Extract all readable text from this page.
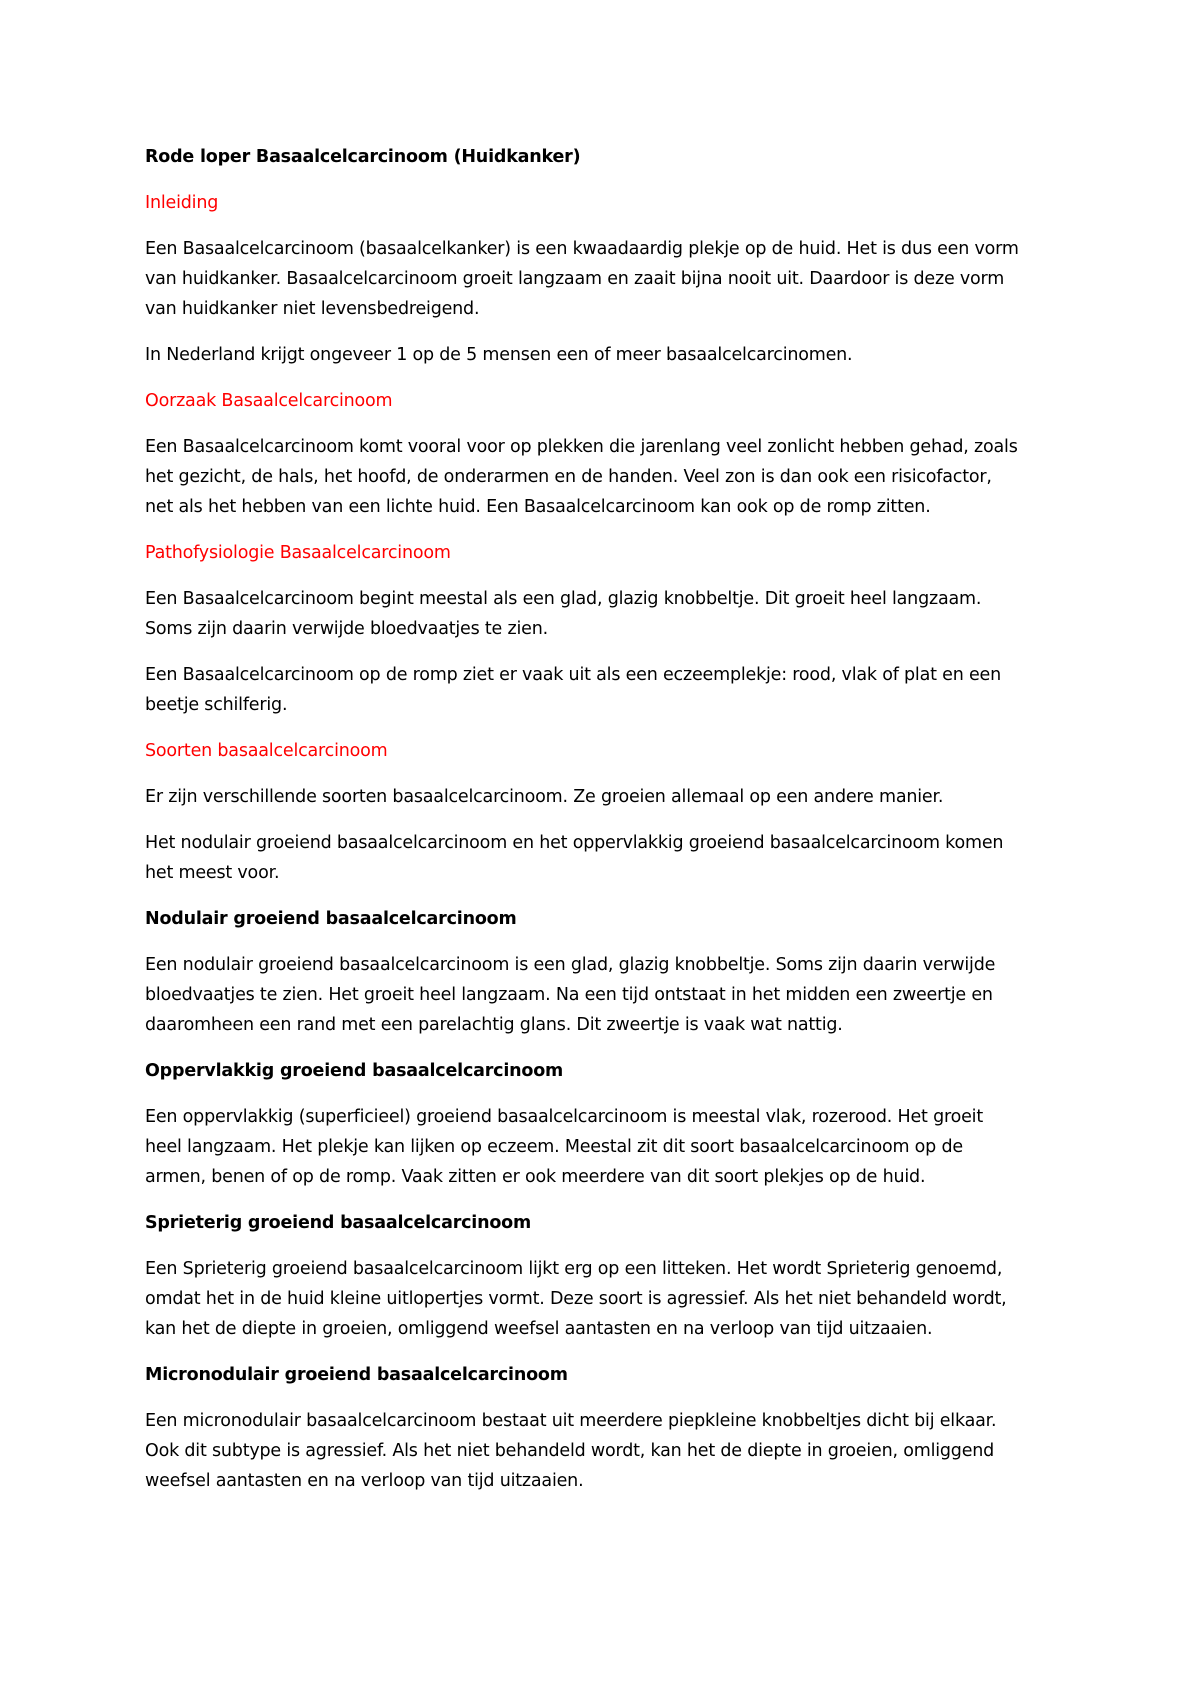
Rode loper Basaalcelcarcinoom (Huidkanker)

Inleiding

Een Basaalcelcarcinoom (basaalcelkanker) is een kwaadaardig plekje op de huid. Het is dus een vorm
van huidkanker. Basaalcelcarcinoom groeit langzaam en zaait bijna nooit uit. Daardoor is deze vorm
van huidkanker niet levensbedreigend.
In Nederland krijgt ongeveer 1 op de 5 mensen een of meer basaalcelcarcinomen.

Oorzaak Basaalcelcarcinoom

Een Basaalcelcarcinoom komt vooral voor op plekken die jarenlang veel zonlicht hebben gehad, zoals
het gezicht, de hals, het hoofd, de onderarmen en de handen. Veel zon is dan ook een risicofactor,
net als het hebben van een lichte huid. Een Basaalcelcarcinoom kan ook op de romp zitten.

Pathofysiologie Basaalcelcarcinoom

Een Basaalcelcarcinoom begint meestal als een glad, glazig knobbeltje. Dit groeit heel langzaam.
Soms zijn daarin verwijde bloedvaatjes te zien.
Een Basaalcelcarcinoom op de romp ziet er vaak uit als een eczeemplekje: rood, vlak of plat en een
beetje schilferig.

Soorten basaalcelcarcinoom

Er zijn verschillende soorten basaalcelcarcinoom. Ze groeien allemaal op een andere manier.
Het nodulair groeiend basaalcelcarcinoom en het oppervlakkig groeiend basaalcelcarcinoom komen
het meest voor.

Nodulair groeiend basaalcelcarcinoom

Een nodulair groeiend basaalcelcarcinoom is een glad, glazig knobbeltje. Soms zijn daarin verwijde
bloedvaatjes te zien. Het groeit heel langzaam. Na een tijd ontstaat in het midden een zweertje en
daaromheen een rand met een parelachtig glans. Dit zweertje is vaak wat nattig.

Oppervlakkig groeiend basaalcelcarcinoom

Een oppervlakkig (superficieel) groeiend basaalcelcarcinoom is meestal vlak, rozerood. Het groeit
heel langzaam. Het plekje kan lijken op eczeem. Meestal zit dit soort basaalcelcarcinoom op de
armen, benen of op de romp. Vaak zitten er ook meerdere van dit soort plekjes op de huid.

Sprieterig groeiend basaalcelcarcinoom

Een Sprieterig groeiend basaalcelcarcinoom lijkt erg op een litteken. Het wordt Sprieterig genoemd,
omdat het in de huid kleine uitlopertjes vormt. Deze soort is agressief. Als het niet behandeld wordt,
kan het de diepte in groeien, omliggend weefsel aantasten en na verloop van tijd uitzaaien.

Micronodulair groeiend basaalcelcarcinoom

Een micronodulair basaalcelcarcinoom bestaat uit meerdere piepkleine knobbeltjes dicht bij elkaar.
Ook dit subtype is agressief. Als het niet behandeld wordt, kan het de diepte in groeien, omliggend
weefsel aantasten en na verloop van tijd uitzaaien.
